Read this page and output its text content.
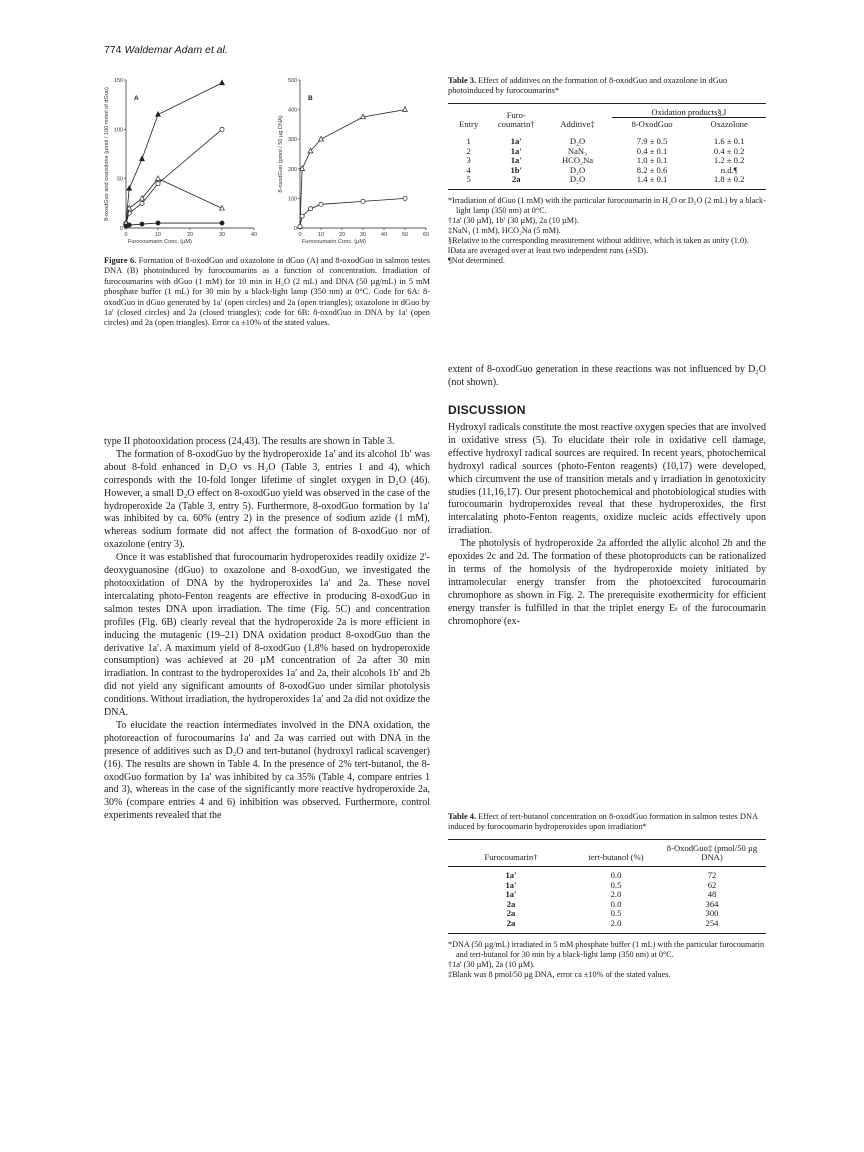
774 Waldemar Adam et al.
0	10	20	30	40
0
50
100
150
Furocoumarin Conc. (µM)
8-oxodGuo and oxazolone (µmol / 100 mmol of dGuo)	A
0	10	20	30	40	50	60
0
100
200
300
400
500
Furocoumarin Conc. (µM)
8-oxodGuo (pmol / 50 µg DNA)
B
Figure 6. Formation of 8-oxodGuo and oxazolone in dGuo (A) and 8-oxodGuo in salmon testes DNA (B) photoinduced by furocoumarins as a function of concentration. Irradiation of furocoumarins with dGuo (1 mM) for 10 min in H₂O (2 mL) and DNA (50 µg/mL) in 5 mM phosphate buffer (1 mL) for 30 min by a black-light lamp (350 nm) at 0°C. Code for 6A: 8-oxodGuo in dGuo generated by 1a′ (open circles) and 2a (open triangles); oxazolone in dGuo by 1a′ (closed circles) and 2a (closed triangles); code for 6B: 8-oxodGuo in DNA by 1a′ (open circles) and 2a (open triangles). Error ca ±10% of the stated values.

type II photooxidation process (24,43). The results are shown in Table 3.

The formation of 8-oxodGuo by the hydroperoxide 1a′ and its alcohol 1b′ was about 8-fold enhanced in D₂O vs H₂O (Table 3, entries 1 and 4), which corresponds with the 10-fold longer lifetime of singlet oxygen in D₂O (46). However, a small D₂O effect on 8-oxodGuo yield was observed in the case of the hydroperoxide 2a (Table 3, entry 5). Furthermore, 8-oxodGuo formation by 1a′ was inhibited by ca. 60% (entry 2) in the presence of sodium azide (1 mM), whereas sodium formate did not affect the formation of 8-oxodGuo nor of oxazolone (entry 3).

Once it was established that furocoumarin hydroperoxides readily oxidize 2′-deoxyguanosine (dGuo) to oxazolone and 8-oxodGuo, we investigated the photooxidation of DNA by the hydroperoxides 1a′ and 2a. These novel intercalating photo-Fenton reagents are effective in producing 8-oxodGuo in salmon testes DNA upon irradiation. The time (Fig. 5C) and concentration profiles (Fig. 6B) clearly reveal that the hydroperoxide 2a is more efficient in inducing the mutagenic (19–21) DNA oxidation product 8-oxodGuo than the derivative 1a′. A maximum yield of 8-oxodGuo (1.8% based on hydroperoxide consumption) was achieved at 20 µM concentration of 2a after 30 min irradiation. In contrast to the hydroperoxides 1a′ and 2a, their alcohols 1b′ and 2b did not yield any significant amounts of 8-oxodGuo under similar photolysis conditions. Without irradiation, the hydroperoxides 1a′ and 2a did not oxidize the DNA.

To elucidate the reaction intermediates involved in the DNA oxidation, the photoreaction of furocoumarins 1a′ and 2a was carried out with DNA in the presence of additives such as D₂O and tert-butanol (hydroxyl radical scavenger) (16). The results are shown in Table 4. In the presence of 2% tert-butanol, the 8-oxodGuo formation by 1a′ was inhibited by ca 35% (Table 4, compare entries 1 and 3), whereas in the case of the significantly more reactive hydroperoxide 2a, 30% (compare entries 4 and 6) inhibition was observed. Furthermore, control experiments revealed that the

Table 3. Effect of additives on the formation of 8-oxodGuo and oxazolone in dGuo photoinduced by furocoumarins*
Entry	Furo-coumarin†	Additive‡	Oxidation products§,‖	
			8-OxodGuo	Oxazolone
1	1a′	D₂O	7.9 ± 0.5	1.6 ± 0.1
2	1a′	NaN₃	0.4 ± 0.1	0.4 ± 0.2
3	1a′	HCO₂Na	1.0 ± 0.1	1.2 ± 0.2
4	1b′	D₂O	8.2 ± 0.6	n.d.¶
5	2a	D₂O	1.4 ± 0.1	1.8 ± 0.2

*Irradiation of dGuo (1 mM) with the particular furocoumarin in H₂O or D₂O (2 mL) by a black-light lamp (350 nm) at 0°C.

†1a′ (30 µM), 1b′ (30 µM), 2a (10 µM).

‡NaN₃ (1 mM), HCO₂Na (5 mM).

§Relative to the corresponding measurement without additive, which is taken as unity (1.0).

‖Data are averaged over at least two independent runs (±SD).

¶Not determined.

extent of 8-oxodGuo generation in these reactions was not influenced by D₂O (not shown).

DISCUSSION

Hydroxyl radicals constitute the most reactive oxygen species that are involved in oxidative stress (5). To elucidate their role in oxidative cell damage, effective hydroxyl radical sources are required. In recent years, photochemical hydroxyl radical sources (photo-Fenton reagents) (10,17) were developed, which circumvent the use of transition metals and γ irradiation in genotoxicity studies (11,16,17). Our present photochemical and photobiological studies with furocoumarin hydroperoxides reveal that these hydroperoxides, the first intercalating photo-Fenton reagents, oxidize nucleic acids effectively upon irradiation.

The photolysis of hydroperoxide 2a afforded the allylic alcohol 2b and the epoxides 2c and 2d. The formation of these photoproducts can be rationalized in terms of the homolysis of the hydroperoxide moiety initiated by intramolecular energy transfer from the photoexcited furocoumarin chromophore as shown in Fig. 2. The prerequisite exothermicity for efficient energy transfer is fulfilled in that the triplet energy Eₜ of the furocoumarin chromophore (ex-

Table 4. Effect of tert-butanol concentration on 8-oxodGuo formation in salmon testes DNA induced by furocoumarin hydroperoxides upon irradiation*
Furocoumarin†	tert-butanol (%)	8-OxodGuo‡ (pmol/50 µg DNA)
1a′	0.0	72
1a′	0.5	62
1a′	2.0	48
2a	0.0	364
2a	0.5	300
2a	2.0	254

*DNA (50 µg/mL) irradiated in 5 mM phosphate buffer (1 mL) with the particular furocoumarin and tert-butanol for 30 min by a black-light lamp (350 nm) at 0°C.

†1a′ (30 µM), 2a (10 µM).

‡Blank was 8 pmol/50 µg DNA, error ca ±10% of the stated values.
